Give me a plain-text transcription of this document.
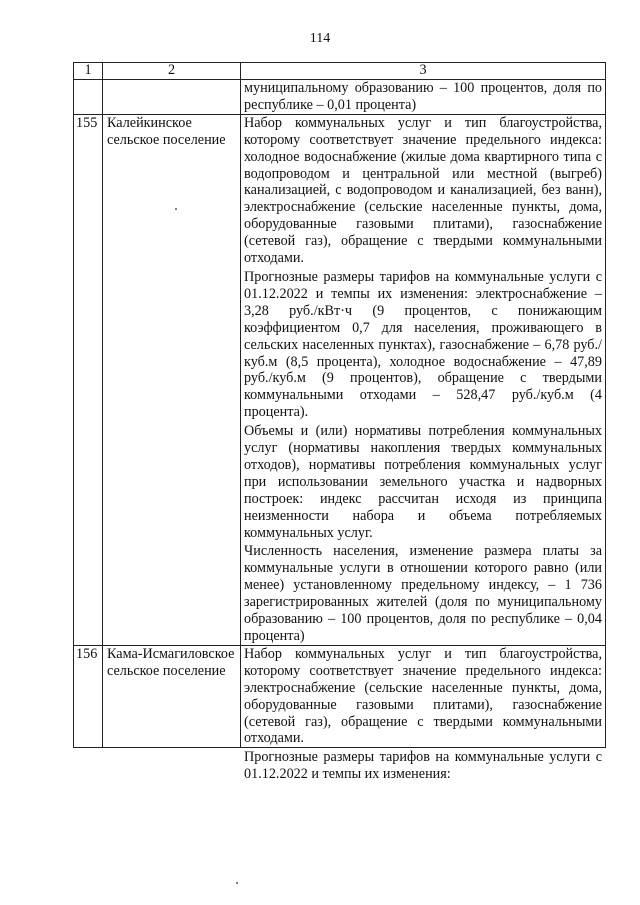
114
1	2	3

		муниципальному образованию – 100 процентов, доля по республике – 0,01 процента)

155	Калейкинское сельское поселение	Набор коммунальных услуг и тип благоустройства, которому соответствует значение предельного индекса: холодное водоснабжение (жилые дома квартирного типа с водопроводом и центральной или местной (выгреб) канализацией, с водопроводом и канализацией, без ванн), электроснабжение (сельские населенные пункты, дома, оборудованные газовыми плитами), газоснабжение (сетевой газ), обращение с твердыми коммунальными отходами.
Прогнозные размеры тарифов на коммунальные услуги с 01.12.2022 и темпы их изменения: электроснабжение – 3,28 руб./кВт·ч (9 процентов, с понижающим коэффициентом 0,7 для населения, проживающего в сельских населенных пунктах), газоснабжение – 6,78 руб./куб.м (8,5 процента), холодное водоснабжение – 47,89 руб./куб.м (9 процентов), обращение с твердыми коммунальными отходами – 528,47 руб./куб.м (4 процента).
Объемы и (или) нормативы потребления коммунальных услуг (нормативы накопления твердых коммунальных отходов), нормативы потребления коммунальных услуг при использовании земельного участка и надворных построек: индекс рассчитан исходя из принципа неизменности набора и объема потребляемых коммунальных услуг.
Численность населения, изменение размера платы за коммунальные услуги в отношении которого равно (или менее) установленному предельному индексу, – 1 736 зарегистрированных жителей (доля по муниципальному образованию – 100 процентов, доля по республике – 0,04 процента)

156	Кама-Исмагиловское сельское поселение	Набор коммунальных услуг и тип благоустройства, которому соответствует значение предельного индекса: электроснабжение (сельские населенные пункты, дома, оборудованные газовыми плитами), газоснабжение (сетевой газ), обращение с твердыми коммунальными отходами.
Прогнозные размеры тарифов на коммунальные услуги с 01.12.2022 и темпы их изменения:
